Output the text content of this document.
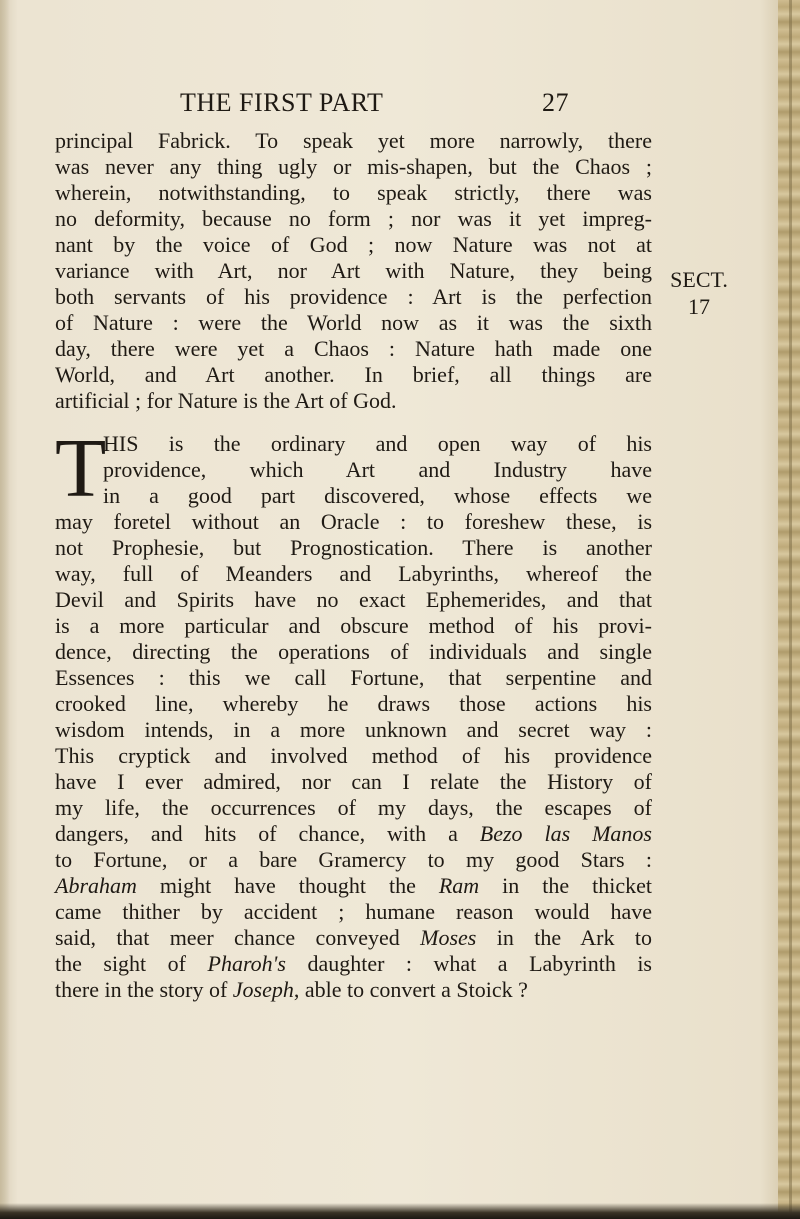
THE FIRST PART	27
principal Fabrick. To speak yet more narrowly, there
was never any thing ugly or mis-shapen, but the Chaos ;
wherein, notwithstanding, to speak strictly, there was
no deformity, because no form ; nor was it yet impreg-
nant by the voice of God ; now Nature was not at
variance with Art, nor Art with Nature, they being
both servants of his providence : Art is the perfection
of Nature : were the World now as it was the sixth
day, there were yet a Chaos : Nature hath made one
World, and Art another. In brief, all things are
artificial ; for Nature is the Art of God.
T
HIS is the ordinary and open way of his
providence, which Art and Industry have
in a good part discovered, whose effects we
may foretel without an Oracle : to foreshew these, is
not Prophesie, but Prognostication. There is another
way, full of Meanders and Labyrinths, whereof the
Devil and Spirits have no exact Ephemerides, and that
is a more particular and obscure method of his provi-
dence, directing the operations of individuals and single
Essences : this we call Fortune, that serpentine and
crooked line, whereby he draws those actions his
wisdom intends, in a more unknown and secret way :
This cryptick and involved method of his providence
have I ever admired, nor can I relate the History of
my life, the occurrences of my days, the escapes of
dangers, and hits of chance, with a Bezo las Manos
to Fortune, or a bare Gramercy to my good Stars :
Abraham might have thought the Ram in the thicket
came thither by accident ; humane reason would have
said, that meer chance conveyed Moses in the Ark to
the sight of Pharoh's daughter : what a Labyrinth is
there in the story of Joseph, able to convert a Stoick ?
SECT.
17
